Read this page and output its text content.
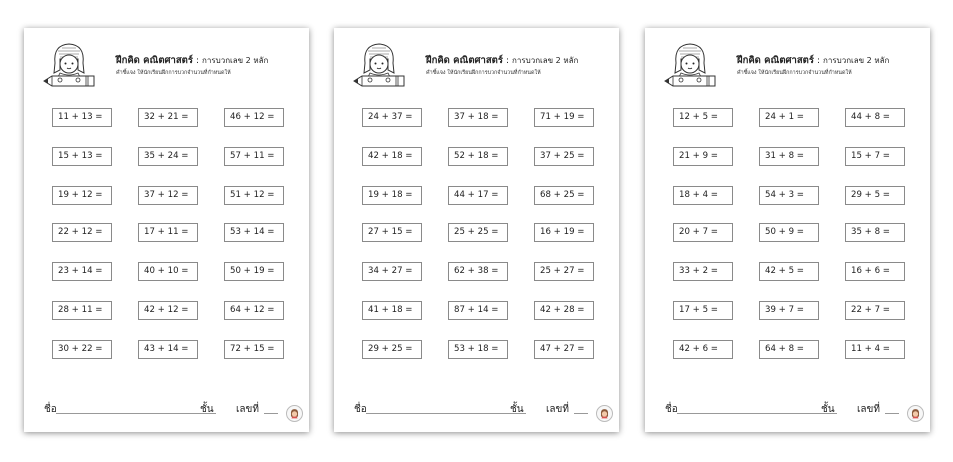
ฝึกคิด คณิตศาสตร์ : การบวกเลข 2 หลัก
คำชี้แจง ให้นักเรียนฝึกการบวกจำนวนที่กำหนดให้
11 + 13 =	32 + 21 =	46 + 12 =
15 + 13 =	35 + 24 =	57 + 11 =
19 + 12 =	37 + 12 =	51 + 12 =
22 + 12 =	17 + 11 =	53 + 14 =
23 + 14 =	40 + 10 =	50 + 19 =
28 + 11 =	42 + 12 =	64 + 12 =
30 + 22 =	43 + 14 =	72 + 15 =
ชื่อ	ชั้น เลขที่
ฝึกคิด คณิตศาสตร์ : การบวกเลข 2 หลัก
คำชี้แจง ให้นักเรียนฝึกการบวกจำนวนที่กำหนดให้
24 + 37 =	37 + 18 =	71 + 19 =
42 + 18 =	52 + 18 =	37 + 25 =
19 + 18 =	44 + 17 =	68 + 25 =
27 + 15 =	25 + 25 =	16 + 19 =
34 + 27 =	62 + 38 =	25 + 27 =
41 + 18 =	87 + 14 =	42 + 28 =
29 + 25 =	53 + 18 =	47 + 27 =
ชื่อ	ชั้น เลขที่
ฝึกคิด คณิตศาสตร์ : การบวกเลข 2 หลัก
คำชี้แจง ให้นักเรียนฝึกการบวกจำนวนที่กำหนดให้
12 + 5 =	24 + 1 =	44 + 8 =
21 + 9 =	31 + 8 =	15 + 7 =
18 + 4 =	54 + 3 =	29 + 5 =
20 + 7 =	50 + 9 =	35 + 8 =
33 + 2 =	42 + 5 =	16 + 6 =
17 + 5 =	39 + 7 =	22 + 7 =
42 + 6 =	64 + 8 =	11 + 4 =
ชื่อ	ชั้น เลขที่
